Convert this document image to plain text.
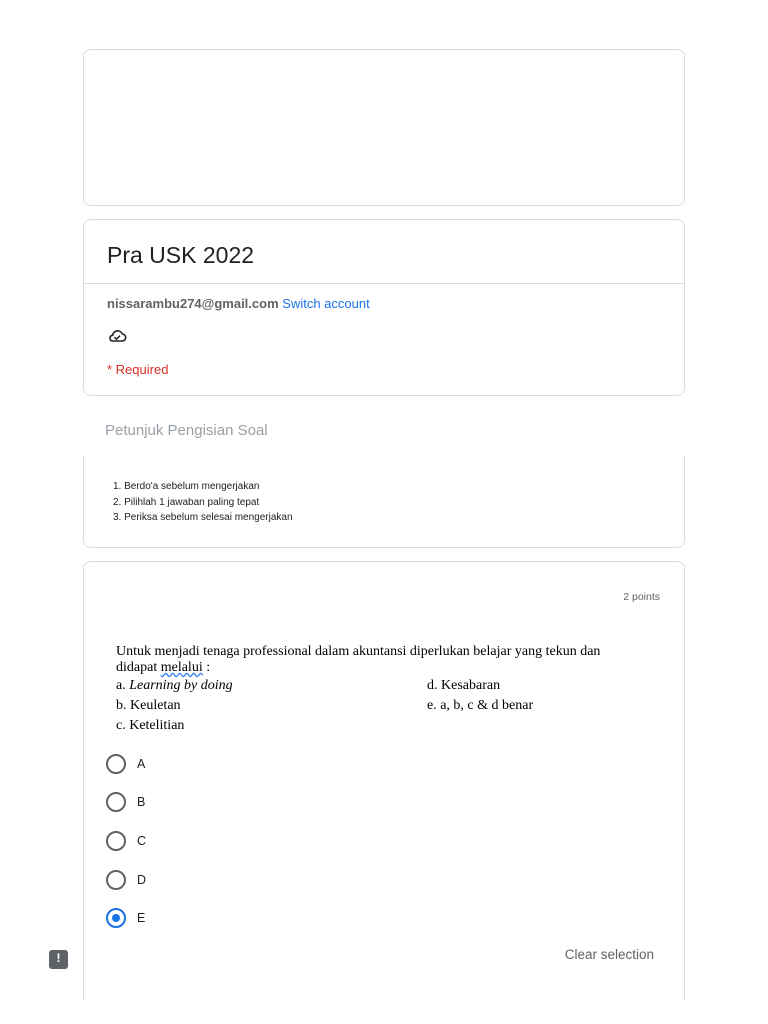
Pra USK 2022
nissarambu274@gmail.com Switch account
* Required
Petunjuk Pengisian Soal
1. Berdo'a sebelum mengerjakan
2. Pilihlah 1 jawaban paling tepat
3. Periksa sebelum selesai mengerjakan
2 points
Untuk menjadi tenaga professional dalam akuntansi diperlukan belajar yang tekun dan
didapat melalui :
a. Learning by doing	d. Kesabaran
b. Keuletan	e. a, b, c & d benar
c. Ketelitian
A
B
C
D
E
Clear selection
!
